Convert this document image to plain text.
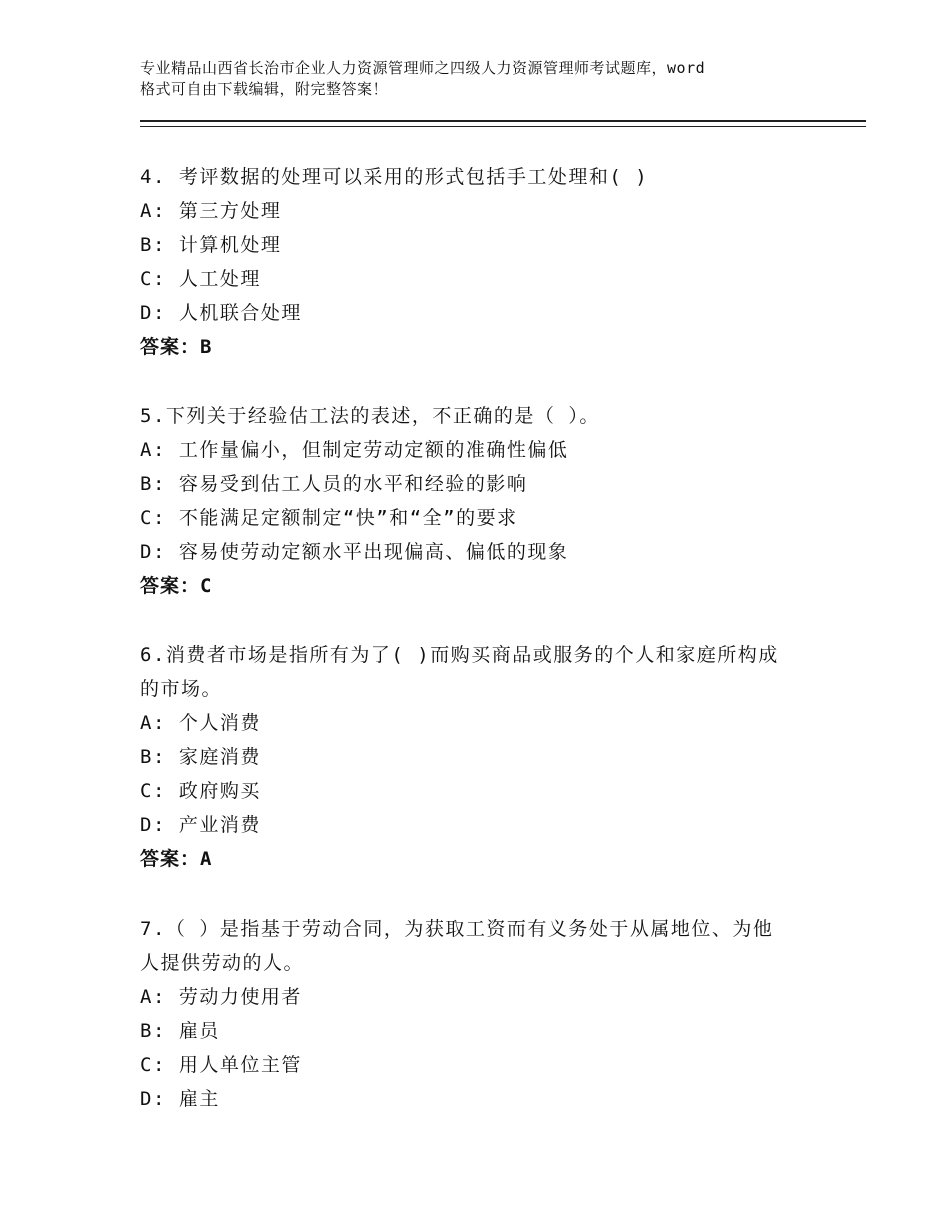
专业精品山西省长治市企业人力资源管理师之四级人力资源管理师考试题库，word
格式可自由下载编辑，附完整答案！
4. 考评数据的处理可以采用的形式包括手工处理和( )
A: 第三方处理
B: 计算机处理
C: 人工处理
D: 人机联合处理
答案：B
5.下列关于经验估工法的表述，不正确的是（ ）。
A: 工作量偏小，但制定劳动定额的准确性偏低
B: 容易受到估工人员的水平和经验的影响
C: 不能满足定额制定“快”和“全”的要求
D: 容易使劳动定额水平出现偏高、偏低的现象
答案：C
6.消费者市场是指所有为了( )而购买商品或服务的个人和家庭所构成
的市场。
A: 个人消费
B: 家庭消费
C: 政府购买
D: 产业消费
答案：A
7.（ ）是指基于劳动合同，为获取工资而有义务处于从属地位、为他
人提供劳动的人。
A: 劳动力使用者
B: 雇员
C: 用人单位主管
D: 雇主
